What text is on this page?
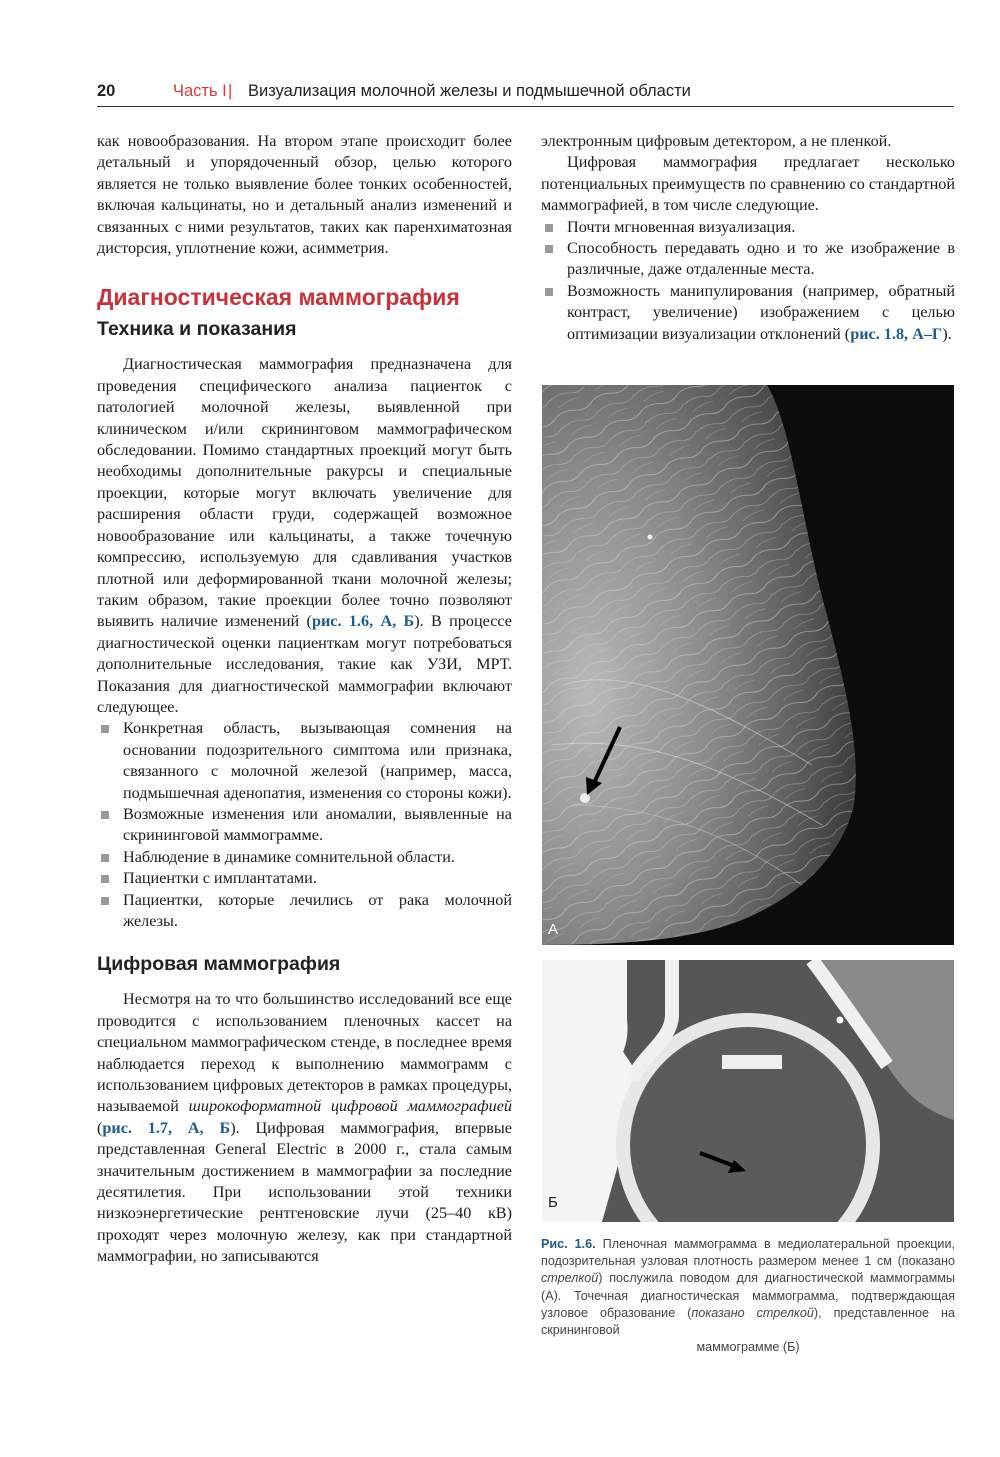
20	Часть I | Визуализация молочной железы и подмышечной области

как новообразования. На втором этапе происходит более детальный и упорядоченный обзор, целью которого является не только выявление более тонких особенностей, включая кальцинаты, но и детальный анализ изменений и связанных с ними результатов, таких как паренхиматозная дисторсия, уплотнение кожи, асимметрия.

Диагностическая маммография
Техника и показания

Диагностическая маммография предназначена для проведения специфического анализа пациенток с патологией молочной железы, выявленной при клиническом и/или скрининговом маммографическом обследовании. Помимо стандартных проекций могут быть необходимы дополнительные ракурсы и специальные проекции, которые могут включать увеличение для расширения области груди, содержащей возможное новообразование или кальцинаты, а также точечную компрессию, используемую для сдавливания участков плотной или деформированной ткани молочной железы; таким образом, такие проекции более точно позволяют выявить наличие изменений (рис. 1.6, А, Б). В процессе диагностической оценки пациенткам могут потребоваться дополнительные исследования, такие как УЗИ, МРТ. Показания для диагностической маммографии включают следующее.

Конкретная область, вызывающая сомнения на основании подозрительного симптома или признака, связанного с молочной железой (например, масса, подмышечная аденопатия, изменения со стороны кожи).
Возможные изменения или аномалии, выявленные на скрининговой маммограмме.
Наблюдение в динамике сомнительной области.
Пациентки с имплантатами.
Пациентки, которые лечились от рака молочной железы.
Цифровая маммография

Несмотря на то что большинство исследований все еще проводится с использованием пленочных кассет на специальном маммографическом стенде, в последнее время наблюдается переход к выполнению маммограмм с использованием цифровых детекторов в рамках процедуры, называемой широкоформатной цифровой маммографией (рис. 1.7, А, Б). Цифровая маммография, впервые представленная General Electric в 2000 г., стала самым значительным достижением в маммографии за последние десятилетия. При использовании этой техники низкоэнергетические рентгеновские лучи (25–40 кВ) проходят через молочную железу, как при стандартной маммографии, но записываются

электронным цифровым детектором, а не пленкой.

Цифровая маммография предлагает несколько потенциальных преимуществ по сравнению со стандартной маммографией, в том числе следующие.

Почти мгновенная визуализация.
Способность передавать одно и то же изображение в различные, даже отдаленные места.
Возможность манипулирования (например, обратный контраст, увеличение) изображением с целью оптимизации визуализации отклонений (рис. 1.8, А–Г).
А
Б
Рис. 1.6. Пленочная маммограмма в медиолатеральной проекции, подозрительная узловая плотность размером менее 1 см (показано стрелкой) послужила поводом для диагностической маммограммы (А). Точечная диагностическая маммограмма, подтверждающая узловое образование (показано стрелкой), представленное на скрининговой
маммограмме (Б)
